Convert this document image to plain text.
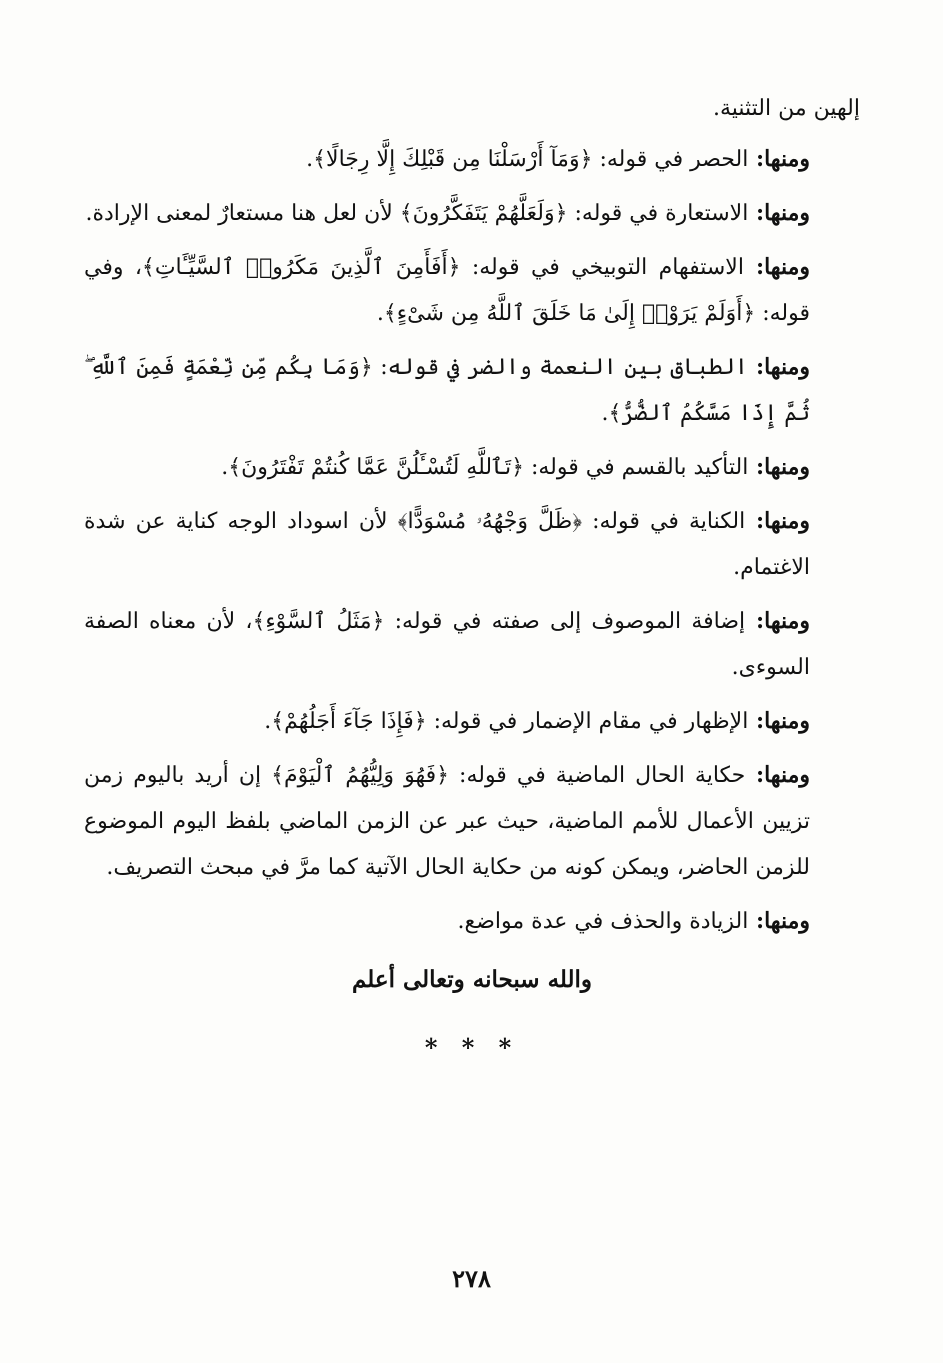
إلهين من التثنية.

ومنها: الحصر في قوله: ﴿وَمَآ أَرْسَلْنَا مِن قَبْلِكَ إِلَّا رِجَالًا﴾.

ومنها: الاستعارة في قوله: ﴿وَلَعَلَّهُمْ يَتَفَكَّرُونَ﴾ لأن لعل هنا مستعارٌ لمعنى الإرادة.

ومنها: الاستفهام التوبيخي في قوله: ﴿أَفَأَمِنَ ٱلَّذِينَ مَكَرُوا۟ ٱلسَّيِّـَٔاتِ﴾، وفي قوله: ﴿أَوَلَمْ يَرَوْا۟ إِلَىٰ مَا خَلَقَ ٱللَّهُ مِن شَىْءٍ﴾.

ومنها: الطباق بين النعمة والضر في قوله: ﴿وَمَا بِكُم مِّن نِّعْمَةٍ فَمِنَ ٱللَّهِ ۖ ثُمَّ إِذَا مَسَّكُمُ ٱلضُّرُّ﴾.

ومنها: التأكيد بالقسم في قوله: ﴿تَٱللَّهِ لَتُسْـَٔلُنَّ عَمَّا كُنتُمْ تَفْتَرُونَ﴾.

ومنها: الكناية في قوله: ﴿ظَلَّ وَجْهُهُۥ مُسْوَدًّا﴾ لأن اسوداد الوجه كناية عن شدة الاغتمام.

ومنها: إضافة الموصوف إلى صفته في قوله: ﴿مَثَلُ ٱلسَّوْءِ﴾، لأن معناه الصفة السوءى.

ومنها: الإظهار في مقام الإضمار في قوله: ﴿فَإِذَا جَآءَ أَجَلُهُمْ﴾.

ومنها: حكاية الحال الماضية في قوله: ﴿فَهُوَ وَلِيُّهُمُ ٱلْيَوْمَ﴾ إن أريد باليوم زمن تزيين الأعمال للأمم الماضية، حيث عبر عن الزمن الماضي بلفظ اليوم الموضوع للزمن الحاضر، ويمكن كونه من حكاية الحال الآتية كما مرَّ في مبحث التصريف.

ومنها: الزيادة والحذف في عدة مواضع.

والله سبحانه وتعالى أعلم
* * *
٢٧٨
